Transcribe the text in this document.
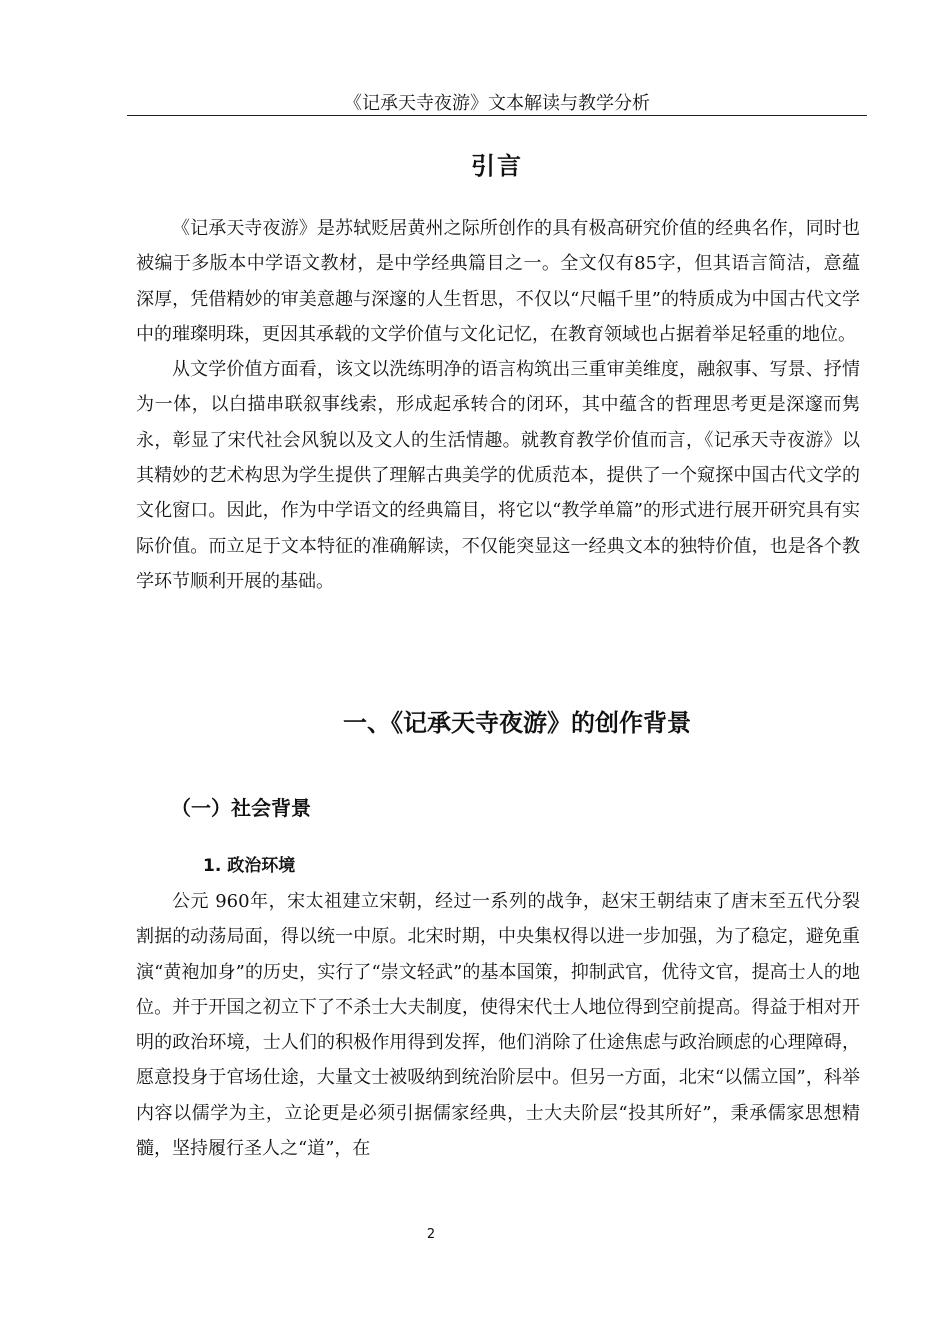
《记承天寺夜游》文本解读与教学分析
引言

《记承天寺夜游》是苏轼贬居黄州之际所创作的具有极高研究价值的经典名作，同时也被编于多版本中学语文教材，是中学经典篇目之一。全文仅有85字，但其语言简洁，意蕴深厚，凭借精妙的审美意趣与深邃的人生哲思，不仅以“尺幅千里”的特质成为中国古代文学中的璀璨明珠，更因其承载的文学价值与文化记忆，在教育领域也占据着举足轻重的地位。

从文学价值方面看，该文以洗练明净的语言构筑出三重审美维度，融叙事、写景、抒情为一体，以白描串联叙事线索，形成起承转合的闭环，其中蕴含的哲理思考更是深邃而隽永，彰显了宋代社会风貌以及文人的生活情趣。就教育教学价值而言，《记承天寺夜游》以其精妙的艺术构思为学生提供了理解古典美学的优质范本，提供了一个窥探中国古代文学的文化窗口。因此，作为中学语文的经典篇目，将它以“教学单篇”的形式进行展开研究具有实际价值。而立足于文本特征的准确解读，不仅能突显这一经典文本的独特价值，也是各个教学环节顺利开展的基础。

一、《记承天寺夜游》的创作背景
（一）社会背景
1. 政治环境

公元 960年，宋太祖建立宋朝，经过一系列的战争，赵宋王朝结束了唐末至五代分裂割据的动荡局面，得以统一中原。北宋时期，中央集权得以进一步加强，为了稳定，避免重演“黄袍加身”的历史，实行了“崇文轻武”的基本国策，抑制武官，优待文官，提高士人的地位。并于开国之初立下了不杀士大夫制度，使得宋代士人地位得到空前提高。得益于相对开明的政治环境，士人们的积极作用得到发挥，他们消除了仕途焦虑与政治顾虑的心理障碍，愿意投身于官场仕途，大量文士被吸纳到统治阶层中。但另一方面，北宋“以儒立国”，科举内容以儒学为主，立论更是必须引据儒家经典，士大夫阶层“投其所好”，秉承儒家思想精髓，坚持履行圣人之“道”，在

2
